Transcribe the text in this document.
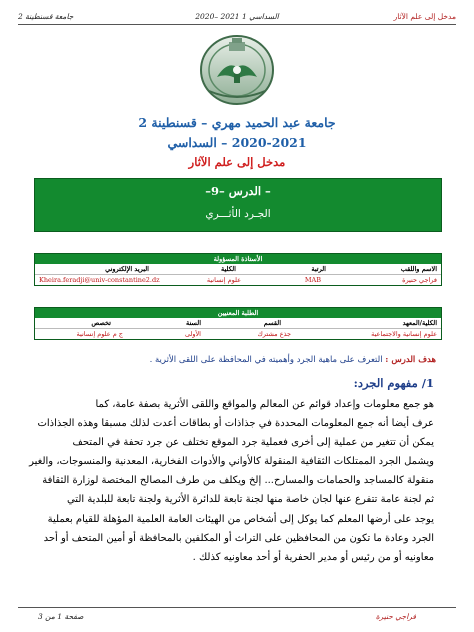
مدخل إلى علم الآثار
2020– 2021 السداسي 1
جامعة قسنطينة 2
جامعة عبد الحميد مهري – قسنطينة 2
2020-2021 – السداسي
مدخل إلى علم الآثار
– الدرس –9–
الجـرد الأثـــري
الأستاذة المسؤولة
الاسم واللقب
الرتبة
الكلية
البريد الإلكتروني
فراجي حنيرة
MAB
علوم إنسانية
Kheira.feradji@univ-constantine2.dz
الطلبة المعنيين
الكلية/المعهد
القسم
السنة
تخصص
علوم إنسانية والاجتماعية
جذع مشترك
الأولى
ج م علوم إنسانية
هدف الدرس : التعرف على ماهية الجرد وأهميته في المحافظة على اللقى الأثرية .
1/ مفهوم الجرد:
هو جمع معلومات وإعداد قوائم عن المعالم والمواقع واللقى الأثرية بصفة عامة، كما
عرف أيضا أنه جمع المعلومات المحددة في جذاذات أو بطاقات أعدت لذلك مسبقا وهذه الجذاذات
يمكن أن تتغير من عملية إلى أخرى فعملية جرد الموقع تختلف عن جرد تحفة في المتحف
ويشمل الجرد الممتلكات الثقافية المنقولة كالأواني والأدوات الفخارية، المعدنية والمنسوجات، والغير
منقولة كالمساجد والحمامات والمسارح... إلخ ويكلف من طرف المصالح المختصة لوزارة الثقافة
ثم لجنة عامة تتفرع عنها لجان خاصة منها لجنة تابعة للدائرة الأثرية ولجنة تابعة للبلدية التي
يوجد على أرضها المعلم كما يوكل إلى أشخاص من الهيئات العامة العلمية المؤهلة للقيام بعملية
الجرد وعادة ما تكون من المحافظين على التراث أو المكلفين بالمحافظة أو أمين المتحف أو أحد
معاونيه أو من رئيس أو مدير الحفرية أو أحد معاونيه كذلك .
فراجي حنيرة
صفحة 1 من 3
